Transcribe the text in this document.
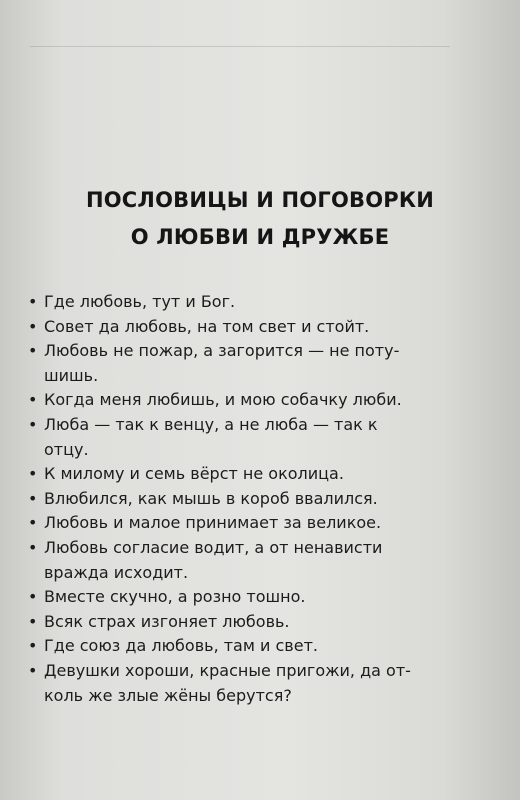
ПОСЛОВИЦЫ И ПОГОВОРКИ
О ЛЮБВИ И ДРУЖБЕ
• Где любовь, тут и Бог.
• Совет да любовь, на том свет и стойт.
• Любовь не пожар, а загорится — не поту-
шишь.
• Когда меня любишь, и мою собачку люби.
• Люба — так к венцу, а не люба — так к
отцу.
• К милому и семь вёрст не околица.
• Влюбился, как мышь в короб ввалился.
• Любовь и малое принимает за великое.
• Любовь согласие водит, а от ненависти
вражда исходит.
• Вместе скучно, а розно тошно.
• Всяк страх изгоняет любовь.
• Где союз да любовь, там и свет.
• Девушки хороши, красные пригожи, да от-
коль же злые жёны берутся?
